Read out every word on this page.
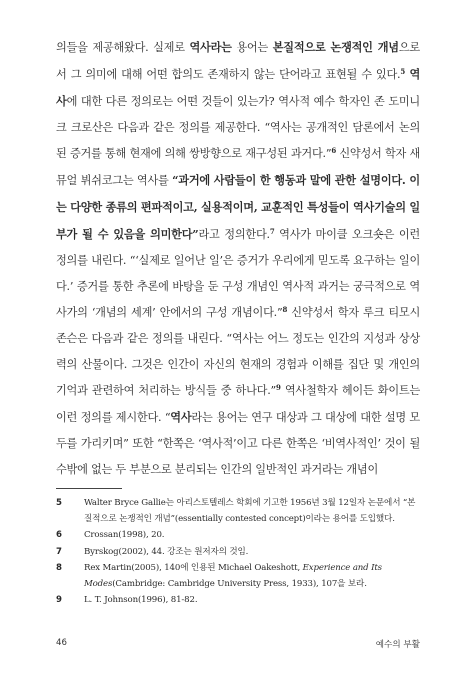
의들을 제공해왔다. 실제로 역사라는 용어는 본질적으로 논쟁적인 개념으로서 그 의미에 대해 어떤 합의도 존재하지 않는 단어라고 표현될 수 있다.$^5$ 역사에 대한 다른 정의로는 어떤 것들이 있는가? 역사적 예수 학자인 존 도미니크 크로산은 다음과 같은 정의를 제공한다. “역사는 공개적인 담론에서 논의된 증거를 통해 현재에 의해 쌍방향으로 재구성된 과거다.”$^6$ 신약성서 학자 새뮤얼 뷔쉬코그는 역사를 “과거에 사람들이 한 행동과 말에 관한 설명이다. 이는 다양한 종류의 편파적이고, 실용적이며, 교훈적인 특성들이 역사기술의 일부가 될 수 있음을 의미한다”라고 정의한다.$^7$ 역사가 마이클 오크숏은 이런 정의를 내린다. “‘실제로 일어난 일’은 증거가 우리에게 믿도록 요구하는 일이다.’ 증거를 통한 추론에 바탕을 둔 구성 개념인 역사적 과거는 궁극적으로 역사가의 ‘개념의 세계’ 안에서의 구성 개념이다.”$^8$ 신약성서 학자 루크 티모시 존슨은 다음과 같은 정의를 내린다. “역사는 어느 정도는 인간의 지성과 상상력의 산물이다. 그것은 인간이 자신의 현재의 경험과 이해를 집단 및 개인의 기억과 관련하여 처리하는 방식들 중 하나다.”$^9$ 역사철학자 헤이든 화이트는 이런 정의를 제시한다. “역사라는 용어는 연구 대상과 그 대상에 대한 설명 모두를 가리키며” 또한 “한쪽은 ‘역사적’이고 다른 한쪽은 ‘비역사적인’ 것이 될 수밖에 없는 두 부분으로 분리되는 인간의 일반적인 과거라는 개념이

5	Walter Bryce Gallie는 아리스토텔레스 학회에 기고한 1956년 3월 12일자 논문에서 “본질적으로 논쟁적인 개념”(essentially contested concept)이라는 용어를 도입했다.
6	Crossan(1998), 20.
7	Byrskog(2002), 44. 강조는 원저자의 것임.
8	Rex Martin(2005), 140에 인용된 Michael Oakeshott, Experience and Its Modes(Cambridge: Cambridge University Press, 1933), 107을 보라.
9	L. T. Johnson(1996), 81-82.
46	예수의 부활
